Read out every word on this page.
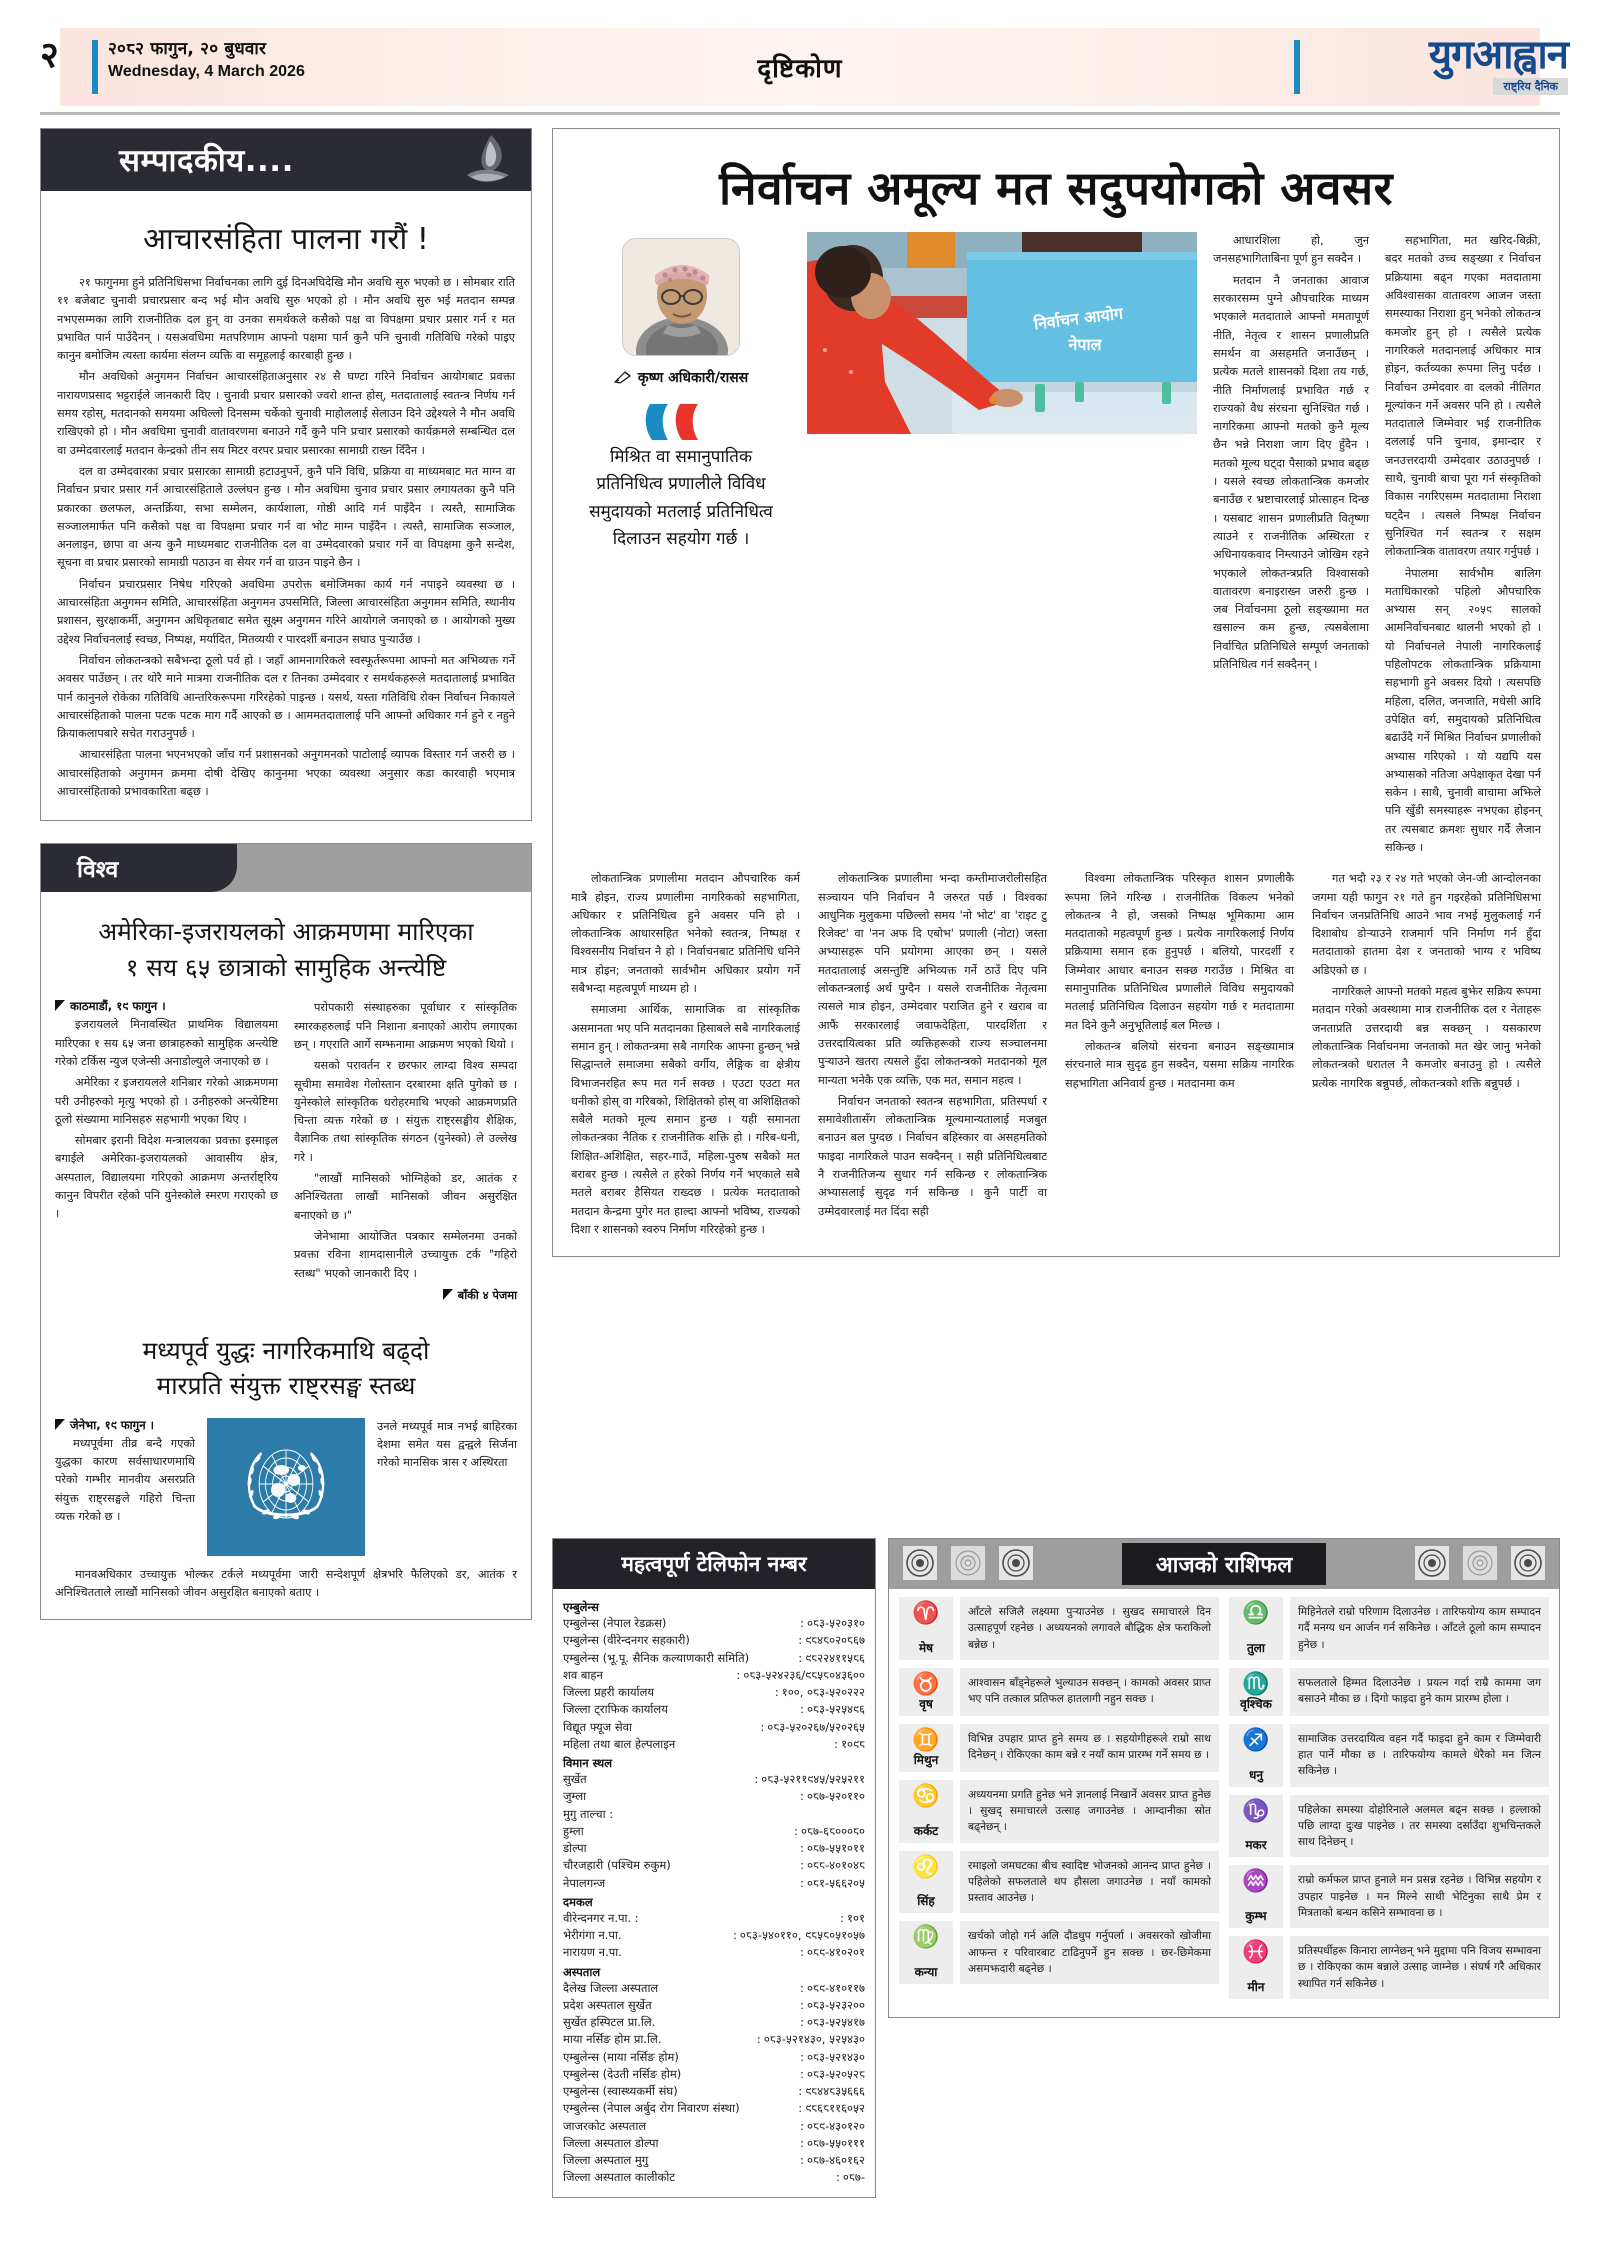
दृष्टिकोण
२	२०८२ फागुन, २० बुधवार
Wednesday, 4 March 2026	युगआह्वान
राष्ट्रिय दैनिक
सम्पादकीय....
आचारसंहिता पालना गरौं !

२१ फागुनमा हुने प्रतिनिधिसभा निर्वाचनका लागि दुई दिनअघिदेखि मौन अवधि सुरु भएको छ । सोमबार राति ११ बजेबाट चुनावी प्रचारप्रसार बन्द भई मौन अवधि सुरु भएको हो । मौन अवधि सुरु भई मतदान सम्पन्न नभएसम्मका लागि राजनीतिक दल हुन् वा उनका समर्थकले कसैको पक्ष वा विपक्षमा प्रचार प्रसार गर्न र मत प्रभावित पार्न पाउँदैनन् । यसअवधिमा मतपरिणाम आफ्नो पक्षमा पार्न कुनै पनि चुनावी गतिविधि गरेको पाइए कानुन बमोजिम त्यस्ता कार्यमा संलग्न व्यक्ति वा समूहलाई कारबाही हुन्छ ।

मौन अवधिको अनुगमन निर्वाचन आचारसंहिताअनुसार २४ सै घण्टा गरिने निर्वाचन आयोगबाट प्रवक्ता नारायणप्रसाद भट्टराईले जानकारी दिए । चुनावी प्रचार प्रसारको ज्वरो शान्त होस्, मतदातालाई स्वतन्त्र निर्णय गर्न समय रहोस्, मतदानको समयमा अघिल्लो दिनसम्म चर्केको चुनावी माहोललाई सेलाउन दिने उद्देश्यले नै मौन अवधि राखिएको हो । मौन अवधिमा चुनावी वातावरणमा बनाउने गर्दै कुनै पनि प्रचार प्रसारको कार्यक्रमले सम्बन्धित दल वा उम्मेदवारलाई मतदान केन्द्रको तीन सय मिटर वरपर प्रचार प्रसारका सामाग्री राख्न दिँदैन ।

दल वा उम्मेदवारका प्रचार प्रसारका सामाग्री हटाउनुपर्ने, कुनै पनि विधि, प्रक्रिया वा माध्यमबाट मत माग्न वा निर्वाचन प्रचार प्रसार गर्न आचारसंहिताले उल्लंघन हुन्छ । मौन अवधिमा चुनाव प्रचार प्रसार लगायतका कुनै पनि प्रकारका छलफल, अन्तर्क्रिया, सभा सम्मेलन, कार्यशाला, गोष्ठी आदि गर्न पाइँदैन । त्यस्तै, सामाजिक सञ्जालमार्फत पनि कसैको पक्ष वा विपक्षमा प्रचार गर्न वा भोट माग्न पाइँदैन । त्यस्तै, सामाजिक सञ्जाल, अनलाइन, छापा वा अन्य कुनै माध्यमबाट राजनीतिक दल वा उम्मेदवारको प्रचार गर्ने वा विपक्षमा कुनै सन्देश, सूचना वा प्रचार प्रसारको सामाग्री पठाउन वा सेयर गर्न वा ग्राउन पाइने छैन ।

निर्वाचन प्रचारप्रसार निषेध गरिएको अवधिमा उपरोक्त बमोजिमका कार्य गर्न नपाइने व्यवस्था छ । आचारसंहिता अनुगमन समिति, आचारसंहिता अनुगमन उपसमिति, जिल्ला आचारसंहिता अनुगमन समिति, स्थानीय प्रशासन, सुरक्षाकर्मी, अनुगमन अधिकृतबाट समेत सूक्ष्म अनुगमन गरिने आयोगले जनाएको छ । आयोगको मुख्य उद्देश्य निर्वाचनलाई स्वच्छ, निष्पक्ष, मर्यादित, मितव्ययी र पारदर्शी बनाउन सघाउ पुऱ्याउँछ ।

निर्वाचन लोकतन्त्रको सबैभन्दा ठूलो पर्व हो । जहाँ आमनागरिकले स्वस्फूर्तरूपमा आफ्नो मत अभिव्यक्त गर्ने अवसर पाउँछन् । तर थोरै माने मात्रमा राजनीतिक दल र तिनका उम्मेदवार र समर्थकहरूले मतदातालाई प्रभावित पार्न कानुनले रोकेका गतिविधि आन्तरिकरूपमा गरिरहेको पाइन्छ । यसर्थ, यस्ता गतिविधि रोक्न निर्वाचन निकायले आचारसंहिताको पालना पटक पटक माग गर्दै आएको छ । आममतदातालाई पनि आफ्नो अधिकार गर्न हुने र नहुने क्रियाकलापबारे सचेत गराउनुपर्छ ।

आचारसंहिता पालना भएनभएको जाँच गर्न प्रशासनको अनुगमनको पाटोलाई व्यापक विस्तार गर्न जरुरी छ । आचारसंहिताको अनुगमन क्रममा दोषी देखिए कानुनमा भएका व्यवस्था अनुसार कडा कारवाही भएमात्र आचारसंहिताको प्रभावकारिता बढ्छ ।

विश्व
अमेरिका-इजरायलको आक्रमणमा मारिएका
१ सय ६५ छात्राको सामुहिक अन्त्येष्टि
काठमाडौं, १९ फागुन ।

इजरायलले मिनावस्थित प्राथमिक विद्यालयमा मारिएका १ सय ६५ जना छात्राहरुको सामुहिक अन्त्येष्टि गरेको टर्किस न्युज एजेन्सी अनाडोल्युले जनाएको छ ।

अमेरिका र इजरायलले शनिबार गरेको आक्रमणमा परी उनीहरुको मृत्यु भएको हो । उनीहरुको अन्त्येष्टिमा ठूलो संख्यामा मानिसहरु सहभागी भएका थिए ।

सोमबार इरानी विदेश मन्त्रालयका प्रवक्ता इस्माइल बगाईले अमेरिका-इजरायलको आवासीय क्षेत्र, अस्पताल, विद्यालयमा गरिएको आक्रमण अन्तर्राष्ट्रिय कानुन विपरीत रहेको पनि युनेस्कोले स्मरण गराएको छ ।

परोपकारी संस्थाहरुका पूर्वाधार र सांस्कृतिक स्मारकहरुलाई पनि निशाना बनाएको आरोप लगाएका छन् । गएराति आर्गे सम्झनामा आक्रमण भएको थियो ।

यसको परावर्तन र छरफार लाग्दा विश्व सम्पदा सूचीमा समावेश गेलोस्तान दरबारमा क्षति पुगेको छ । युनेस्कोले सांस्कृतिक धरोहरमाथि भएको आक्रमणप्रति चिन्ता व्यक्त गरेको छ । संयुक्त राष्ट्रसङ्घीय शैक्षिक, वैज्ञानिक तथा सांस्कृतिक संगठन (युनेस्को) ले उल्लेख गरे ।

"लाखौं मानिसको भोग्निहेको डर, आतंक र अनिश्चितता लाखौं मानिसको जीवन असुरक्षित बनाएको छ ।"

जेनेभामा आयोजित पत्रकार सम्मेलनमा उनको प्रवक्ता रविना शामदासानीले उच्चायुक्त टर्क "गहिरो स्तब्ध" भएको जानकारी दिए ।

बाँकी ४ पेजमा
मध्यपूर्व युद्धः नागरिकमाथि बढ्दो
मारप्रति संयुक्त राष्ट्रसङ्घ स्तब्ध
जेनेभा, १९ फागुन ।

मध्यपूर्वमा तीव्र बन्दै गएको युद्धका कारण सर्वसाधारणमाथि परेको गम्भीर मानवीय असरप्रति संयुक्त राष्ट्रसङ्घले गहिरो चिन्ता व्यक्त गरेको छ ।

उनले मध्यपूर्व मात्र नभई बाहिरका देशमा समेत यस द्वन्द्वले सिर्जना गरेको मानसिक त्रास र अस्थिरता

मानवअधिकार उच्चायुक्त भोल्कर टर्कले मध्यपूर्वमा जारी सन्देशपूर्ण क्षेत्रभरि फैलिएको डर, आतंक र अनिश्चितताले लाखौं मानिसको जीवन असुरक्षित बनाएको बताए ।

निर्वाचन अमूल्य मत सदुपयोगको अवसर
कृष्ण अधिकारी/रासस
मिश्रित वा समानुपातिक प्रतिनिधित्व प्रणालीले विविध समुदायको मतलाई प्रतिनिधित्व दिलाउन सहयोग गर्छ ।
निर्वाचन आयोग
नेपाल

आधारशिला हो, जुन जनसहभागिताबिना पूर्ण हुन सक्दैन ।

मतदान नै जनताका आवाज सरकारसम्म पुग्ने औपचारिक माध्यम भएकाले मतदाताले आफ्नो ममतापूर्ण नीति, नेतृत्व र शासन प्रणालीप्रति समर्थन वा असहमति जनाउँछन् । प्रत्येक मतले शासनको दिशा तय गर्छ, नीति निर्माणलाई प्रभावित गर्छ र राज्यको वैध संरचना सुनिश्चित गर्छ । नागरिकमा आफ्नो मतको कुनै मूल्य छैन भन्ने निराशा जाग दिए हुँदैन । मतको मूल्य घट्दा पैसाको प्रभाव बढ्छ । यसले स्वच्छ लोकतान्त्रिक कमजोर बनाउँछ र भ्रष्टाचारलाई प्रोत्साहन दिन्छ । यसबाट शासन प्रणालीप्रति वितृष्णा त्याउने र राजनीतिक अस्थिरता र अधिनायकवाद निम्त्याउने जोखिम रहने भएकाले लोकतन्त्रप्रति विश्वासको वातावरण बनाइराख्न जरुरी हुन्छ । जब निर्वाचनमा ठूलो सङ्ख्यामा मत खसाल्न कम हुन्छ, त्यसबेलामा निर्वाचित प्रतिनिधिले सम्पूर्ण जनताको प्रतिनिधित्व गर्न सक्दैनन् ।

सहभागिता, मत खरिद-बिक्री, बदर मतको उच्च सङ्ख्या र निर्वाचन प्रक्रियामा बढ्न गएका मतदातामा अविश्वासका वातावरण आजन जस्ता समस्याका निराशा हुन् भनेको लोकतन्त्र कमजोर हुन् हो । त्यसैले प्रत्येक नागरिकले मतदानलाई अधिकार मात्र होइन, कर्तव्यका रूपमा लिनु पर्दछ । निर्वाचन उम्मेदवार वा दलको नीतिगत मूल्यांकन गर्ने अवसर पनि हो । त्यसैले मतदाताले जिम्मेवार भई राजनीतिक दललाई पनि चुनाव, इमान्दार र जनउत्तरदायी उम्मेदवार उठाउनुपर्छ । साथै, चुनावी बाचा पूरा गर्न संस्कृतिको विकास नगरिएसम्म मतदातामा निराशा घट्दैन । त्यसले निष्पक्ष निर्वाचन सुनिश्चित गर्न स्वतन्त्र र सक्षम लोकतान्त्रिक वातावरण तयार गर्नुपर्छ ।

नेपालमा सार्वभौम बालिग मताधिकारको पहिलो औपचारिक अभ्यास सन् २०५९ सालको आमनिर्वाचनबाट थालनी भएको हो । यो निर्वाचनले नेपाली नागरिकलाई पहिलोपटक लोकतान्त्रिक प्रक्रियामा सहभागी हुने अवसर दियो । त्यसपछि महिला, दलित, जनजाति, मधेसी आदि उपेक्षित वर्ग, समुदायको प्रतिनिधित्व बढाउँदै गर्ने मिश्रित निर्वाचन प्रणालीको अभ्यास गरिएको । यो यद्यपि यस अभ्यासको नतिजा अपेक्षाकृत देखा पर्न सकेन । साथै, चुनावी बाचामा अझिले पनि खुँडी समस्याहरू नभएका होइनन् तर त्यसबाट क्रमशः सुधार गर्दै लैजान सकिन्छ ।

लोकतान्त्रिक प्रणालीमा मतदान औपचारिक कर्म मात्रै होइन, राज्य प्रणालीमा नागरिकको सहभागिता, अधिकार र प्रतिनिधित्व हुने अवसर पनि हो । लोकतान्त्रिक आधारसहित भनेको स्वतन्त्र, निष्पक्ष र विश्वसनीय निर्वाचन नै हो । निर्वाचनबाट प्रतिनिधि धनिने मात्र होइन; जनताको सार्वभौम अधिकार प्रयोग गर्ने सबैभन्दा महत्वपूर्ण माध्यम हो ।

समाजमा आर्थिक, सामाजिक वा सांस्कृतिक असमानता भए पनि मतदानका हिसाबले सबै नागरिकलाई समान हुन् । लोकतन्त्रमा सबै नागरिक आफ्ना हुन्छन् भन्ने सिद्धान्तले समाजमा सबैको वर्गीय, लैङ्गिक वा क्षेत्रीय विभाजनरहित रूप मत गर्न सक्छ । एउटा एउटा मत धनीको होस् वा गरिबको, शिक्षितको होस् वा अशिक्षितको सबैले मतको मूल्य समान हुन्छ । यही समानता लोकतन्त्रका नैतिक र राजनीतिक शक्ति हो । गरिब-धनी, शिक्षित-अशिक्षित, सहर-गाउँ, महिला-पुरुष सबैको मत बराबर हुन्छ । त्यसैले त हरेको निर्णय गर्ने भएकाले सबै मतले बराबर हैसियत राख्दछ । प्रत्येक मतदाताको मतदान केन्द्रमा पुगेर मत हाल्दा आफ्नो भविष्य, राज्यको दिशा र शासनको स्वरुप निर्माण गरिरहेको हुन्छ ।

लोकतान्त्रिक प्रणालीमा भन्दा कम्तीमाजरोलीसहित सञ्चायन पनि निर्वाचन नै जरुरत पर्छ । विश्वका आधुनिक मुलुकमा पछिल्लो समय 'नो भोट' वा 'राइट टु रिजेक्ट' वा 'नन अफ दि एबोभ' प्रणाली (नोटा) जस्ता अभ्यासहरू पनि प्रयोगमा आएका छन् । यसले मतदातालाई असन्तुष्टि अभिव्यक्त गर्ने ठाउँ दिए पनि लोकतन्त्रलाई अर्थ पुग्दैन । यसले राजनीतिक नेतृत्वमा त्यसले मात्र होइन, उम्मेदवार पराजित हुने र खराब वा आफैं सरकारलाई जवाफदेहिता, पारदर्शिता र उत्तरदायित्वका प्रति व्यक्तिहरूको राज्य सञ्चालनमा पुऱ्याउने खतरा त्यसले हुँदा लोकतन्त्रको मतदानको मूल मान्यता भनेकै एक व्यक्ति, एक मत, समान महत्व ।

निर्वाचन जनताको स्वतन्त्र सहभागिता, प्रतिस्पर्धा र समावेशीतासँग लोकतान्त्रिक मूल्यमान्यतालाई मजबुत बनाउन बल पुग्दछ । निर्वाचन बहिस्कार वा असहमतिको फाइदा नागरिकले पाउन सक्दैनन् । सही प्रतिनिधित्वबाट नै राजनीतिजन्य सुधार गर्न सकिन्छ र लोकतान्त्रिक अभ्यासलाई सुदृढ गर्न सकिन्छ । कुनै पार्टी वा उम्मेदवारलाई मत दिंदा सही

विश्वमा लोकतान्त्रिक परिस्कृत शासन प्रणालीकै रूपमा लिने गरिन्छ । राजनीतिक विकल्प भनेको लोकतन्त्र नै हो, जसको निष्पक्ष भूमिकामा आम मतदाताको महत्वपूर्ण हुन्छ । प्रत्येक नागरिकलाई निर्णय प्रक्रियामा समान हक हुनुपर्छ । बलियो, पारदर्शी र जिम्मेवार आधार बनाउन सक्छ गराउँछ । मिश्रित वा समानुपातिक प्रतिनिधित्व प्रणालीले विविध समुदायको मतलाई प्रतिनिधित्व दिलाउन सहयोग गर्छ र मतदातामा मत दिने कुनै अनुभूतिलाई बल मिल्छ ।

लोकतन्त्र बलियो संरचना बनाउन सङ्ख्यामात्र संरचनाले मात्र सुदृढ हुन सक्दैन, यसमा सक्रिय नागरिक सहभागिता अनिवार्य हुन्छ । मतदानमा कम

गत भदौ २३ र २४ गते भएको जेन-जी आन्दोलनका जगमा यही फागुन २१ गते हुन गइरहेको प्रतिनिधिसभा निर्वाचन जनप्रतिनिधि आउने भाव नभई मुलुकलाई गर्न दिशाबोध डोऱ्याउने राजमार्ग पनि निर्माण गर्न हुँदा मतदाताको हातमा देश र जनताको भाग्य र भविष्य अडिएको छ ।

नागरिकले आफ्नो मतको महत्व बुझेर सक्रिय रूपमा मतदान गरेको अवस्थामा मात्र राजनीतिक दल र नेताहरू जनताप्रति उत्तरदायी बन्न सक्छन् । यसकारण लोकतान्त्रिक निर्वाचनमा जनताको मत खेर जानु भनेको लोकतन्त्रको धरातल नै कमजोर बनाउनु हो । त्यसैले प्रत्येक नागरिक बन्नुपर्छ, लोकतन्त्रको शक्ति बन्नुपर्छ ।

महत्वपूर्ण टेलिफोन नम्बर
एम्बुलेन्स
एम्बुलेन्स (नेपाल रेडक्रस)	: ०८३-५२०३१०
एम्बुलेन्स (वीरेन्दनगर सहकारी)	: ९८४८०२०८६७
एम्बुलेन्स (भू.पू. सैनिक कल्याणकारी समिति)	: ९८२२४११५८६
शव बाहन	: ०८३-५२४२३६/९८५८०४३६००
जिल्ला प्रहरी कार्यालय	: १००, ०८३-५२०२२२
जिल्ला ट्राफिक कार्यालय	: ०८३-५२५४९६
विद्यूत फ्यूज सेवा	: ०८३-५२०२६७/५२०२६५
महिला तथा बाल हेल्पलाइन	: १०९८
विमान स्थल
सुर्खेत	: ०८३-५२११९४५/५२५२११
जुम्ला	: ०८७-५२०११०
मुगु ताल्चा :
हुम्ला	: ०८७-६८०००८०
डोल्पा	: ०८७-५५१०११
चौरजहारी (पश्चिम रुकुम)	: ०८८-४०१०४८
नेपालगन्ज	: ०८१-५६६२०५
दमकल
वीरेन्दनगर न.पा. :	: १०१
भेरीगंगा न.पा.	: ०८३-५४०११०, ९८५८०५१०५७
नारायण न.पा.	: ०८९-४१०२०१
अस्पताल
दैलेख जिल्ला अस्पताल	: ०८९-४१०११७
प्रदेश अस्पताल सुर्खेत	: ०८३-५२३२००
सुर्खेत हस्पिटल प्रा.लि.	: ०८३-५२५४१७
माया नर्सिङ होम प्रा.लि.	: ०८३-५२१४३०, ५२५४३०
एम्बुलेन्स (माया नर्सिङ होम)	: ०८३-५२१४३०
एम्बुलेन्स (देउती नर्सिङ होम)	: ०८३-५२०५२८
एम्बुलेन्स (स्वास्थ्यकर्मी संघ)	: ९८४४८३५६६६
एम्बुलेन्स (नेपाल अर्बुद रोग निवारण संस्था)	: ९८६८११६०५२
जाजरकोट अस्पताल	: ०८९-४३०१२०
जिल्ला अस्पताल डोल्पा	: ०८७-५५०१११
जिल्ला अस्पताल मुगु	: ०८७-४६०१६२
जिल्ला अस्पताल कालीकोट	: ०८७-
आजको राशिफल
♈
मेष
आँटले सजिलै लक्ष्यमा पुर्‍याउनेछ । सुखद समाचारले दिन उत्साहपूर्ण रहनेछ । अध्ययनको लगावले बौद्धिक क्षेत्र फराकिलो बन्नेछ ।
♉
वृष
आश्वासन बाँड्नेहरूले भुल्याउन सक्छन् । कामको अवसर प्राप्त भए पनि तत्काल प्रतिफल हातलागी नहुन सक्छ ।
♊
मिथुन
विभिन्न उपहार प्राप्त हुने समय छ । सहयोगीहरूले राम्रो साथ दिनेछन् । रोकिएका काम बन्ने र नयाँ काम प्रारम्भ गर्ने समय छ ।
♋
कर्कट
अध्ययनमा प्रगति हुनेछ भने ज्ञानलाई निखार्ने अवसर प्राप्त हुनेछ । सुखद् समाचारले उत्साह जगाउनेछ । आम्दानीका स्रोत बढ्नेछन् ।
♌
सिंह
रमाइलो जमघटका बीच स्वादिष्ट भोजनको आनन्द प्राप्त हुनेछ । पहिलेको सफलताले थप हौसला जगाउनेछ । नयाँ कामको प्रस्ताव आउनेछ ।
♍
कन्या
खर्चको जोहो गर्न अलि दौडधुप गर्नुपर्ला । अवसरको खोजीमा आफन्त र परिवारबाट टाढिनुपर्ने हुन सक्छ । छर-छिमेकमा असमझदारी बढ्नेछ ।
♎
तुला
मिहिनेतले राम्रो परिणाम दिलाउनेछ । तारिफयोग्य काम सम्पादन गर्दै मनग्य धन आर्जन गर्न सकिनेछ । आँटले ठूलो काम सम्पादन हुनेछ ।
♏
वृश्चिक
सफलताले हिम्मत दिलाउनेछ । प्रयत्न गर्दा राम्रै काममा जग बसाउने मौका छ । दिगो फाइदा हुने काम प्रारम्भ होला ।
♐
धनु
सामाजिक उत्तरदायित्व वहन गर्दै फाइदा हुने काम र जिम्मेवारी हात पार्ने मौका छ । तारिफयोग्य कामले धेरैको मन जित्न सकिनेछ ।
♑
मकर
पहिलेका समस्या दोहोरिनाले अलमल बढ्न सक्छ । हल्लाको पछि लाग्दा दुःख पाइनेछ । तर समस्या दर्साउँदा शुभचिन्तकले साथ दिनेछन् ।
♒
कुम्भ
राम्रो कर्मफल प्राप्त हुनाले मन प्रसन्न रहनेछ । विभिन्न सहयोग र उपहार पाइनेछ । मन मिल्ने साथी भेटिनुका साथै प्रेम र मित्रताको बन्धन कसिने सम्भावना छ ।
♓
मीन
प्रतिस्पर्धीहरू किनारा लाग्नेछन् भने मुद्दामा पनि विजय सम्भावना छ । रोकिएका काम बन्नाले उत्साह जाम्नेछ । संघर्ष गरेै अधिकार स्थापित गर्न सकिनेछ ।
